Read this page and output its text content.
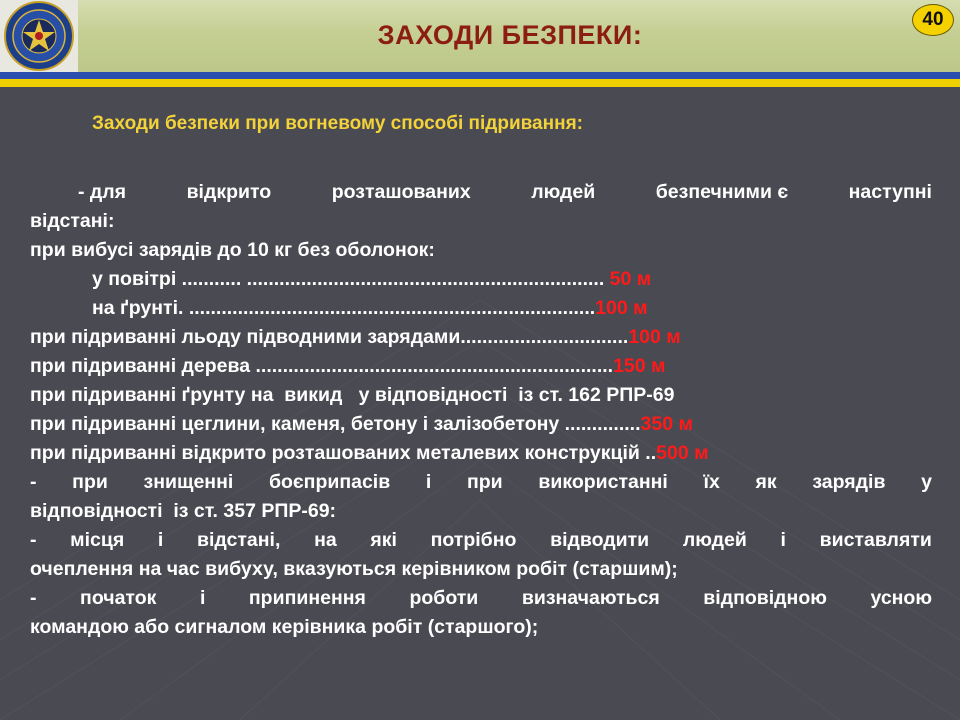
ЗАХОДИ БЕЗПЕКИ:
40
Заходи безпеки при вогневому способі підривання:
- для	відкрито	розташованих	людей	безпечними є	наступні
відстані:
при вибусі зарядів до 10 кг без оболонок:
у повітрі ........... .................................................................. 50 м
на ґрунті. ...........................................................................100 м
при підриванні льоду підводними зарядами...............................100 м
при підриванні дерева ..................................................................150 м
при підриванні ґрунту на  викид   у відповідності  із ст. 162 РПР-69
при підриванні цеглини, каменя, бетону і залізобетону ..............350 м
при підриванні відкрито розташованих металевих конструкцій ..500 м
- при знищенні боєприпасів і при використанні їх як зарядів у
відповідності  із ст. 357 РПР-69:
- місця і відстані, на які потрібно відводити людей і виставляти
очеплення на час вибуху, вказуються керівником робіт (старшим);
- початок і припинення роботи визначаються відповідною усною
командою або сигналом керівника робіт (старшого);
